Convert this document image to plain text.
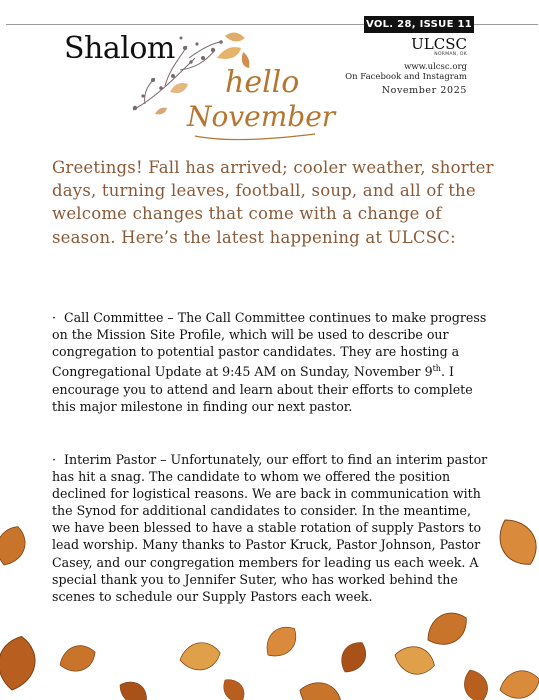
VOL. 28, ISSUE 11
Shalom
hello
November
ULCSC
NORMAN, OK
www.ulcsc.org
On Facebook and Instagram
November 2025
Greetings! Fall has arrived; cooler weather, shorter days, turning leaves, football, soup, and all of the welcome changes that come with a change of season. Here’s the latest happening at ULCSC:
· Call Committee – The Call Committee continues to make progress on the Mission Site Profile, which will be used to describe our congregation to potential pastor candidates. They are hosting a Congregational Update at 9:45 AM on Sunday, November 9th. I encourage you to attend and learn about their efforts to complete this major milestone in finding our next pastor.
· Interim Pastor – Unfortunately, our effort to find an interim pastor has hit a snag. The candidate to whom we offered the position declined for logistical reasons. We are back in communication with the Synod for additional candidates to consider. In the meantime, we have been blessed to have a stable rotation of supply Pastors to lead worship. Many thanks to Pastor Kruck, Pastor Johnson, Pastor Casey, and our congregation members for leading us each week. A special thank you to Jennifer Suter, who has worked behind the scenes to schedule our Supply Pastors each week.
